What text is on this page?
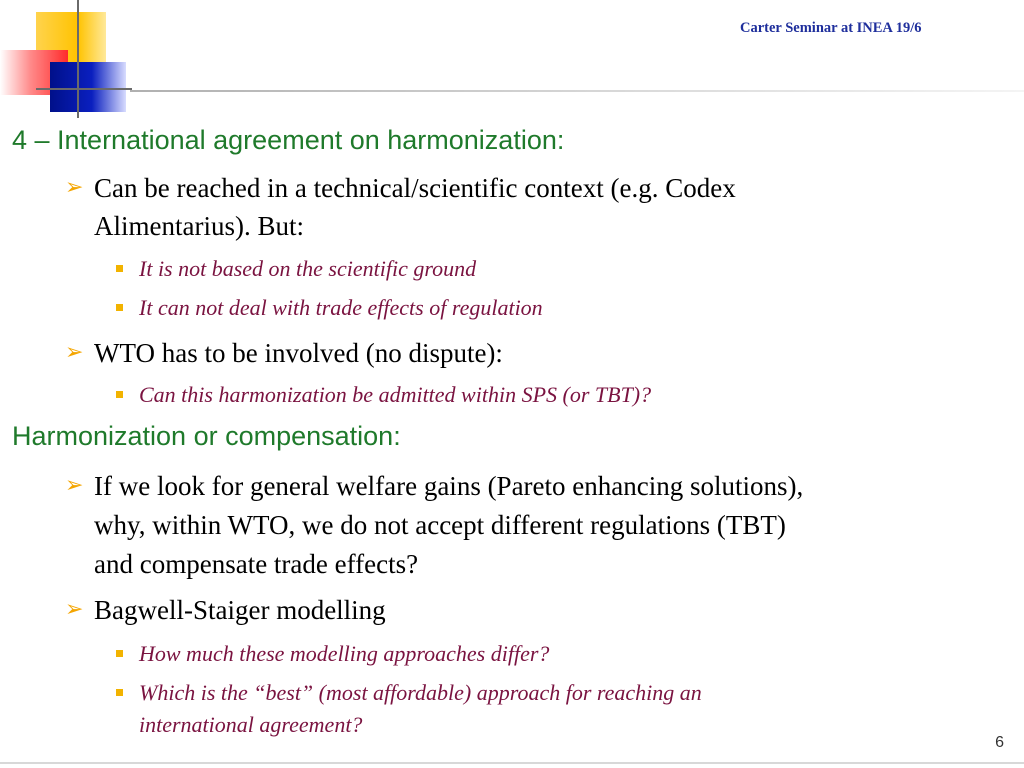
Carter Seminar at INEA 19/6
4 – International agreement on harmonization:
➢ Can be reached in a technical/scientific context (e.g. Codex
Alimentarius). But:
It is not based on the scientific ground
It can not deal with trade effects of regulation
➢ WTO has to be involved (no dispute):
Can this harmonization be admitted within SPS (or TBT)?
Harmonization or compensation:
➢ If we look for general welfare gains (Pareto enhancing solutions),
why, within WTO, we do not accept different regulations (TBT)
and compensate trade effects?
➢ Bagwell-Staiger modelling
How much these modelling approaches differ?
Which is the “best” (most affordable) approach for reaching an
international agreement?
6
